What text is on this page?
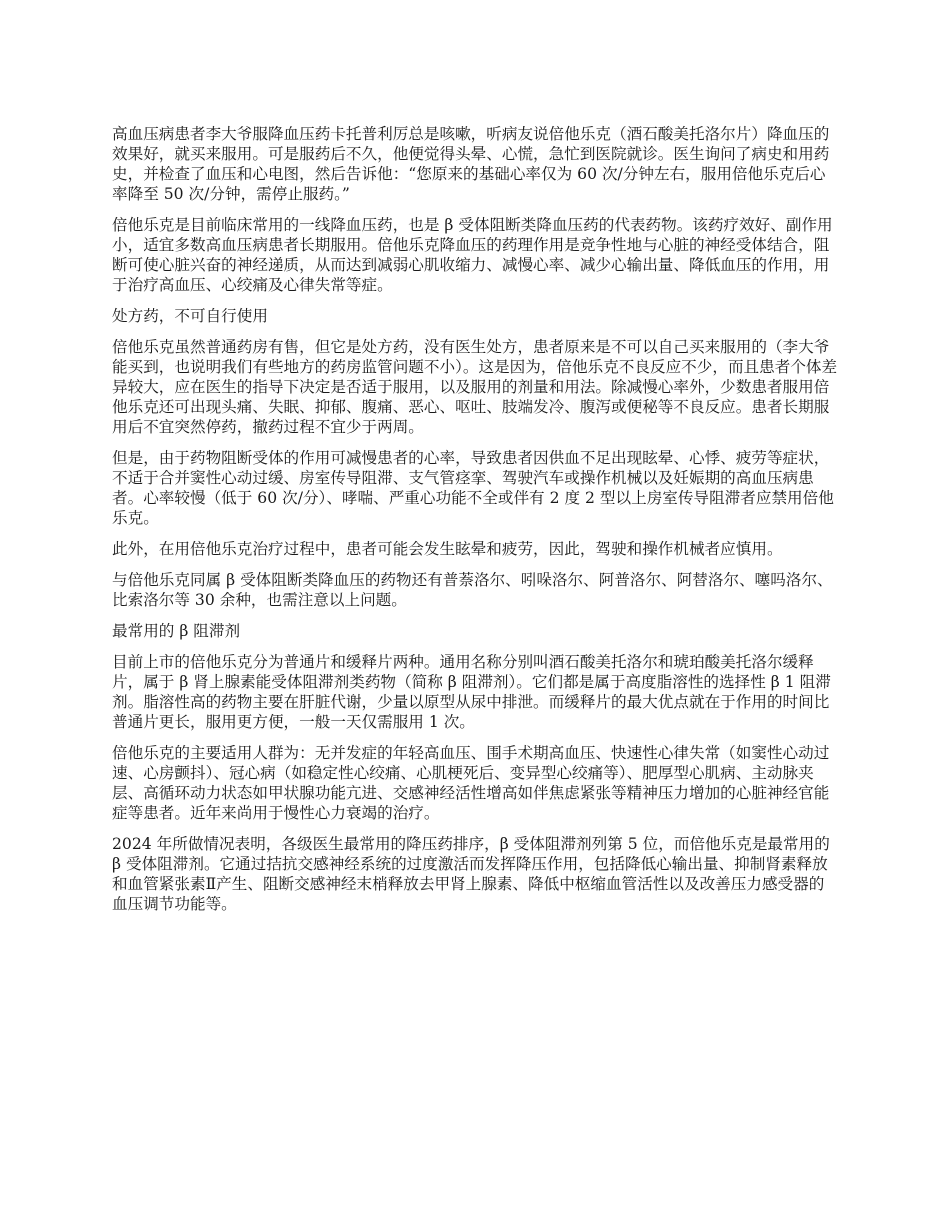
高血压病患者李大爷服降血压药卡托普利厉总是咳嗽，听病友说倍他乐克（酒石酸美托洛尔片）降血压的效果好，就买来服用。可是服药后不久，他便觉得头晕、心慌，急忙到医院就诊。医生询问了病史和用药史，并检查了血压和心电图，然后告诉他：“您原来的基础心率仅为 60 次/分钟左右，服用倍他乐克后心率降至 50 次/分钟，需停止服药。”

倍他乐克是目前临床常用的一线降血压药，也是 β 受体阻断类降血压药的代表药物。该药疗效好、副作用小，适宜多数高血压病患者长期服用。倍他乐克降血压的药理作用是竞争性地与心脏的神经受体结合，阻断可使心脏兴奋的神经递质，从而达到减弱心肌收缩力、减慢心率、减少心输出量、降低血压的作用，用于治疗高血压、心绞痛及心律失常等症。

处方药，不可自行使用

倍他乐克虽然普通药房有售，但它是处方药，没有医生处方，患者原来是不可以自己买来服用的（李大爷能买到，也说明我们有些地方的药房监管问题不小）。这是因为，倍他乐克不良反应不少，而且患者个体差异较大，应在医生的指导下决定是否适于服用，以及服用的剂量和用法。除减慢心率外，少数患者服用倍他乐克还可出现头痛、失眠、抑郁、腹痛、恶心、呕吐、肢端发冷、腹泻或便秘等不良反应。患者长期服用后不宜突然停药，撤药过程不宜少于两周。

但是，由于药物阻断受体的作用可减慢患者的心率，导致患者因供血不足出现眩晕、心悸、疲劳等症状，不适于合并窦性心动过缓、房室传导阻滞、支气管痉挛、驾驶汽车或操作机械以及妊娠期的高血压病患者。心率较慢（低于 60 次/分）、哮喘、严重心功能不全或伴有 2 度 2 型以上房室传导阻滞者应禁用倍他乐克。

此外，在用倍他乐克治疗过程中，患者可能会发生眩晕和疲劳，因此，驾驶和操作机械者应慎用。

与倍他乐克同属 β 受体阻断类降血压的药物还有普萘洛尔、吲哚洛尔、阿普洛尔、阿替洛尔、噻吗洛尔、比索洛尔等 30 余种，也需注意以上问题。

最常用的 β 阻滞剂

目前上市的倍他乐克分为普通片和缓释片两种。通用名称分别叫酒石酸美托洛尔和琥珀酸美托洛尔缓释片，属于 β 肾上腺素能受体阻滞剂类药物（简称 β 阻滞剂）。它们都是属于高度脂溶性的选择性 β 1 阻滞剂。脂溶性高的药物主要在肝脏代谢，少量以原型从尿中排泄。而缓释片的最大优点就在于作用的时间比普通片更长，服用更方便，一般一天仅需服用 1 次。

倍他乐克的主要适用人群为：无并发症的年轻高血压、围手术期高血压、快速性心律失常（如窦性心动过速、心房颤抖）、冠心病（如稳定性心绞痛、心肌梗死后、变异型心绞痛等）、肥厚型心肌病、主动脉夹层、高循环动力状态如甲状腺功能亢进、交感神经活性增高如伴焦虑紧张等精神压力增加的心脏神经官能症等患者。近年来尚用于慢性心力衰竭的治疗。

2024 年所做情况表明，各级医生最常用的降压药排序，β 受体阻滞剂列第 5 位，而倍他乐克是最常用的 β 受体阻滞剂。它通过拮抗交感神经系统的过度激活而发挥降压作用，包括降低心输出量、抑制肾素释放和血管紧张素Ⅱ产生、阻断交感神经末梢释放去甲肾上腺素、降低中枢缩血管活性以及改善压力感受器的血压调节功能等。
